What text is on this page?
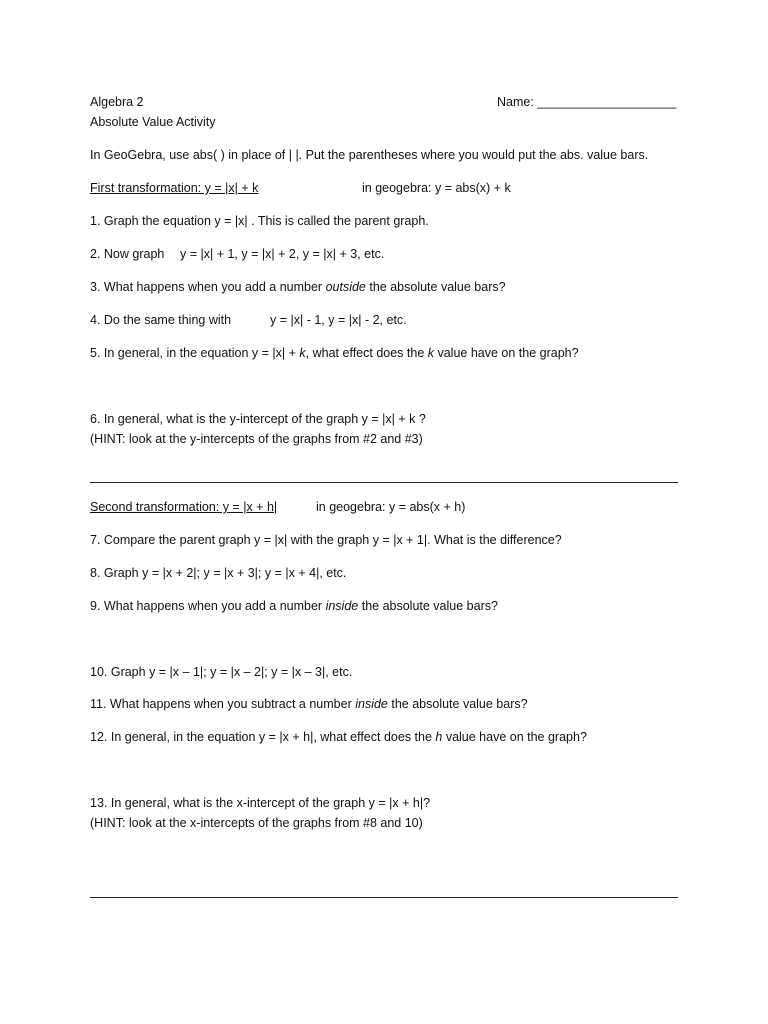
Algebra 2	Name: ____________________
Absolute Value Activity
In GeoGebra, use abs( ) in place of | |. Put the parentheses where you would put the abs. value bars.
First transformation: y = |x| + k	in geogebra: y = abs(x) + k
1. Graph the equation y = |x| . This is called the parent graph.
2. Now graph y = |x| + 1, y = |x| + 2, y = |x| + 3, etc.
3. What happens when you add a number outside the absolute value bars?
4. Do the same thing with	y = |x| - 1, y = |x| - 2, etc.
5. In general, in the equation y = |x| + k, what effect does the k value have on the graph?
6. In general, what is the y-intercept of the graph y = |x| + k ?
(HINT: look at the y-intercepts of the graphs from #2 and #3)
Second transformation: y = |x + h|	in geogebra: y = abs(x + h)
7. Compare the parent graph y = |x| with the graph y = |x + 1|. What is the difference?
8. Graph y = |x + 2|; y = |x + 3|; y = |x + 4|, etc.
9. What happens when you add a number inside the absolute value bars?
10. Graph y = |x – 1|; y = |x – 2|; y = |x – 3|, etc.
11. What happens when you subtract a number inside the absolute value bars?
12. In general, in the equation y = |x + h|, what effect does the h value have on the graph?
13. In general, what is the x-intercept of the graph y = |x + h|?
(HINT: look at the x-intercepts of the graphs from #8 and 10)
